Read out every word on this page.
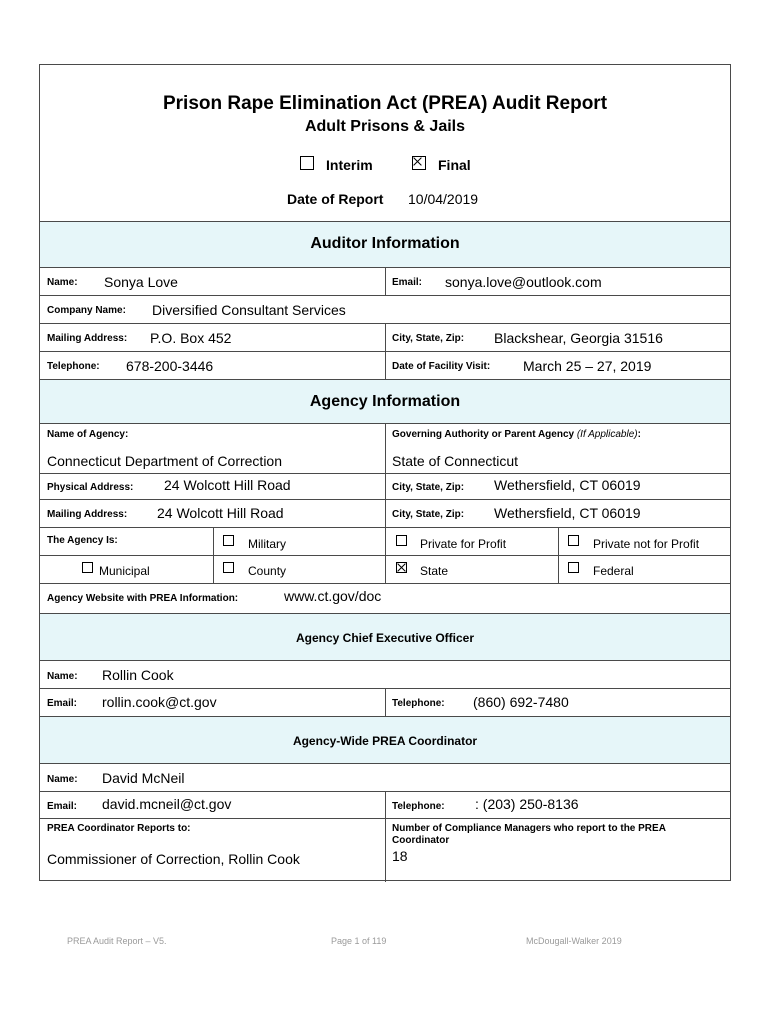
Prison Rape Elimination Act (PREA) Audit Report
Adult Prisons & Jails
Interim	Final
Date of Report 10/04/2019
Auditor Information
Name: Sonya Love	Email: sonya.love@outlook.com
Company Name: Diversified Consultant Services
Mailing Address: P.O. Box 452	City, State, Zip: Blackshear, Georgia 31516
Telephone: 678-200-3446	Date of Facility Visit: March 25 – 27, 2019
Agency Information
Name of Agency:
Connecticut Department of Correction
Governing Authority or Parent Agency (If Applicable):
State of Connecticut
Physical Address: 24 Wolcott Hill Road	City, State, Zip: Wethersfield, CT 06019
Mailing Address: 24 Wolcott Hill Road	City, State, Zip: Wethersfield, CT 06019
The Agency Is:	Military	Private for Profit	Private not for Profit
Municipal	County	State	Federal
Agency Website with PREA Information:	www.ct.gov/doc
Agency Chief Executive Officer
Name: Rollin Cook
Email: rollin.cook@ct.gov	Telephone: (860) 692-7480
Agency-Wide PREA Coordinator
Name: David McNeil
Email: david.mcneil@ct.gov	Telephone: : (203) 250-8136
PREA Coordinator Reports to:
Commissioner of Correction, Rollin Cook
Number of Compliance Managers who report to the PREA Coordinator
18
PREA Audit Report – V5.	Page 1 of 119	McDougall-Walker 2019
